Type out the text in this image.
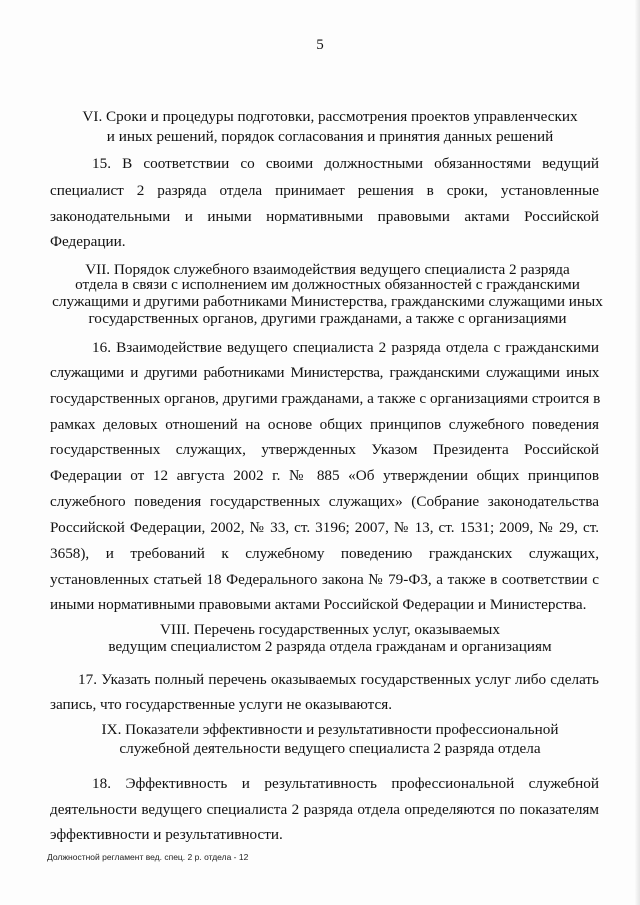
5
VI. Сроки и процедуры подготовки, рассмотрения проектов управленческих
и иных решений, порядок согласования и принятия данных решений
15. В соответствии со своими должностными обязанностями ведущий
специалист 2 разряда отдела принимает решения в сроки, установленные
законодательными и иными нормативными правовыми актами Российской
Федерации.
VII. Порядок служебного взаимодействия ведущего специалиста 2 разряда
отдела в связи с исполнением им должностных обязанностей с гражданскими
служащими и другими работниками Министерства, гражданскими служащими иных
государственных органов, другими гражданами, а также с организациями
16. Взаимодействие ведущего специалиста 2 разряда отдела с гражданскими
служащими и другими работниками Министерства, гражданскими служащими иных
государственных органов, другими гражданами, а также с организациями строится в
рамках деловых отношений на основе общих принципов служебного поведения
государственных служащих, утвержденных Указом Президента Российской
Федерации от 12 августа 2002 г. № 885 «Об утверждении общих принципов
служебного поведения государственных служащих» (Собрание законодательства
Российской Федерации, 2002, № 33, ст. 3196; 2007, № 13, ст. 1531; 2009, № 29, ст.
3658), и требований к служебному поведению гражданских служащих,
установленных статьей 18 Федерального закона № 79-ФЗ, а также в соответствии с
иными нормативными правовыми актами Российской Федерации и Министерства.
VIII. Перечень государственных услуг, оказываемых
ведущим специалистом 2 разряда отдела гражданам и организациям
17. Указать полный перечень оказываемых государственных услуг либо сделать
запись, что государственные услуги не оказываются.
IX. Показатели эффективности и результативности профессиональной
служебной деятельности ведущего специалиста 2 разряда отдела
18. Эффективность и результативность профессиональной служебной
деятельности ведущего специалиста 2 разряда отдела определяются по показателям
эффективности и результативности.
Должностной регламент вед. спец. 2 р. отдела - 12
